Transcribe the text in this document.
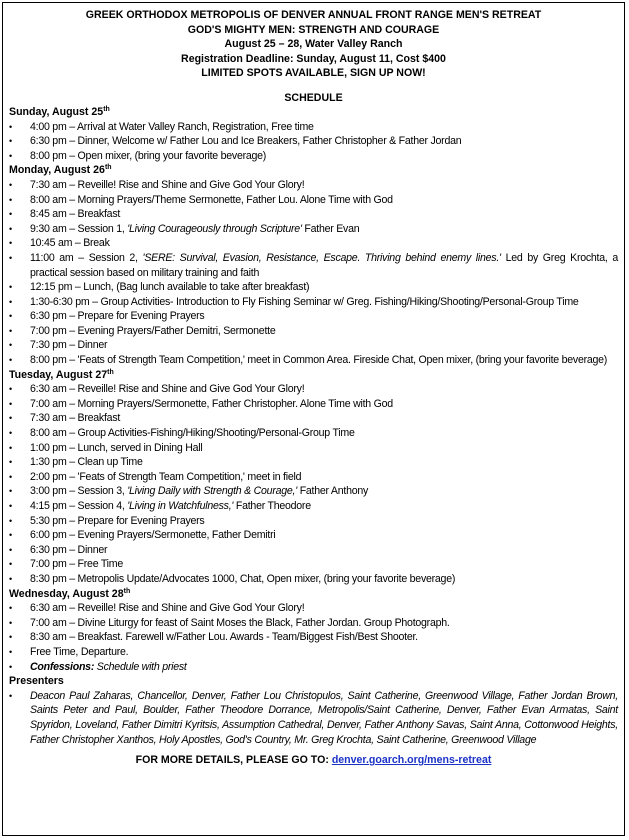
GREEK ORTHODOX METROPOLIS OF DENVER ANNUAL FRONT RANGE MEN'S RETREAT
GOD'S MIGHTY MEN: STRENGTH AND COURAGE
August 25 – 28, Water Valley Ranch
Registration Deadline: Sunday, August 11, Cost $400
LIMITED SPOTS AVAILABLE, SIGN UP NOW!
SCHEDULE
Sunday, August 25th
• 4:00 pm – Arrival at Water Valley Ranch, Registration, Free time
• 6:30 pm – Dinner, Welcome w/ Father Lou and Ice Breakers, Father Christopher & Father Jordan
• 8:00 pm – Open mixer, (bring your favorite beverage)
Monday, August 26th
• 7:30 am – Reveille! Rise and Shine and Give God Your Glory!
• 8:00 am – Morning Prayers/Theme Sermonette, Father Lou. Alone Time with God
• 8:45 am – Breakfast
• 9:30 am – Session 1, 'Living Courageously through Scripture' Father Evan
• 10:45 am – Break
• 11:00 am – Session 2, 'SERE: Survival, Evasion, Resistance, Escape. Thriving behind enemy lines.' Led by Greg Krochta, a practical session based on military training and faith
• 12:15 pm – Lunch, (Bag lunch available to take after breakfast)
• 1:30-6:30 pm – Group Activities- Introduction to Fly Fishing Seminar w/ Greg. Fishing/Hiking/Shooting/Personal-Group Time
• 6:30 pm – Prepare for Evening Prayers
• 7:00 pm – Evening Prayers/Father Demitri, Sermonette
• 7:30 pm – Dinner
• 8:00 pm – 'Feats of Strength Team Competition,' meet in Common Area. Fireside Chat, Open mixer, (bring your favorite beverage)
Tuesday, August 27th
• 6:30 am – Reveille! Rise and Shine and Give God Your Glory!
• 7:00 am – Morning Prayers/Sermonette, Father Christopher. Alone Time with God
• 7:30 am – Breakfast
• 8:00 am – Group Activities-Fishing/Hiking/Shooting/Personal-Group Time
• 1:00 pm – Lunch, served in Dining Hall
• 1:30 pm – Clean up Time
• 2:00 pm – 'Feats of Strength Team Competition,' meet in field
• 3:00 pm – Session 3, 'Living Daily with Strength & Courage,' Father Anthony
• 4:15 pm – Session 4, 'Living in Watchfulness,' Father Theodore
• 5:30 pm – Prepare for Evening Prayers
• 6:00 pm – Evening Prayers/Sermonette, Father Demitri
• 6:30 pm – Dinner
• 7:00 pm – Free Time
• 8:30 pm – Metropolis Update/Advocates 1000, Chat, Open mixer, (bring your favorite beverage)
Wednesday, August 28th
• 6:30 am – Reveille! Rise and Shine and Give God Your Glory!
• 7:00 am – Divine Liturgy for feast of Saint Moses the Black, Father Jordan. Group Photograph.
• 8:30 am – Breakfast. Farewell w/Father Lou. Awards - Team/Biggest Fish/Best Shooter.
• Free Time, Departure.
• Confessions: Schedule with priest
Presenters
• Deacon Paul Zaharas, Chancellor, Denver, Father Lou Christopulos, Saint Catherine, Greenwood Village, Father Jordan Brown, Saints Peter and Paul, Boulder, Father Theodore Dorrance, Metropolis/Saint Catherine, Denver, Father Evan Armatas, Saint Spyridon, Loveland, Father Dimitri Kyritsis, Assumption Cathedral, Denver, Father Anthony Savas, Saint Anna, Cottonwood Heights, Father Christopher Xanthos, Holy Apostles, God's Country, Mr. Greg Krochta, Saint Catherine, Greenwood Village
FOR MORE DETAILS, PLEASE GO TO: denver.goarch.org/mens-retreat
